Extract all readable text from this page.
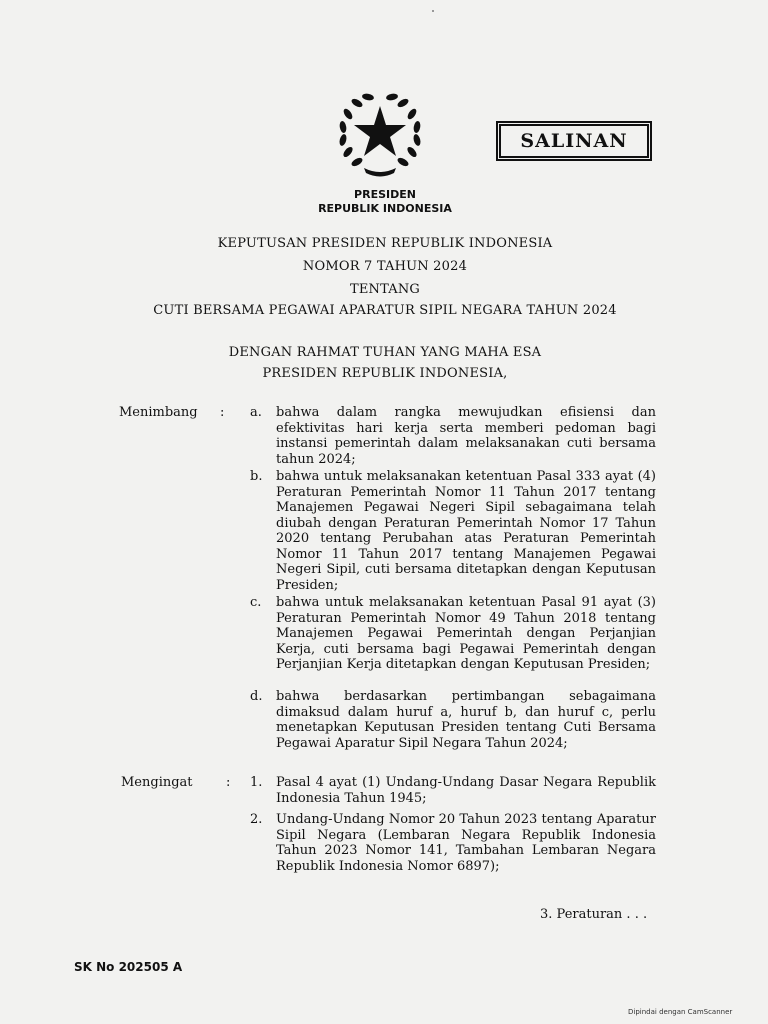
SALINAN
PRESIDEN
REPUBLIK INDONESIA
KEPUTUSAN PRESIDEN REPUBLIK INDONESIA
NOMOR 7 TAHUN 2024
TENTANG
CUTI BERSAMA PEGAWAI APARATUR SIPIL NEGARA TAHUN 2024
DENGAN RAHMAT TUHAN YANG MAHA ESA
PRESIDEN REPUBLIK INDONESIA,
Menimbang : a. bahwa dalam rangka mewujudkan efisiensi dan efektivitas hari kerja serta memberi pedoman bagi instansi pemerintah dalam melaksanakan cuti bersama tahun 2024;
b. bahwa untuk melaksanakan ketentuan Pasal 333 ayat (4) Peraturan Pemerintah Nomor 11 Tahun 2017 tentang Manajemen Pegawai Negeri Sipil sebagaimana telah diubah dengan Peraturan Pemerintah Nomor 17 Tahun 2020 tentang Perubahan atas Peraturan Pemerintah Nomor 11 Tahun 2017 tentang Manajemen Pegawai Negeri Sipil, cuti bersama ditetapkan dengan Keputusan Presiden;
c. bahwa untuk melaksanakan ketentuan Pasal 91 ayat (3) Peraturan Pemerintah Nomor 49 Tahun 2018 tentang Manajemen Pegawai Pemerintah dengan Perjanjian Kerja, cuti bersama bagi Pegawai Pemerintah dengan Perjanjian Kerja ditetapkan dengan Keputusan Presiden;
d. bahwa berdasarkan pertimbangan sebagaimana dimaksud dalam huruf a, huruf b, dan huruf c, perlu menetapkan Keputusan Presiden tentang Cuti Bersama Pegawai Aparatur Sipil Negara Tahun 2024;
Mengingat	: 1. Pasal 4 ayat (1) Undang-Undang Dasar Negara Republik Indonesia Tahun 1945;
2. Undang-Undang Nomor 20 Tahun 2023 tentang Aparatur Sipil Negara (Lembaran Negara Republik Indonesia Tahun 2023 Nomor 141, Tambahan Lembaran Negara Republik Indonesia Nomor 6897);
3. Peraturan . . .
SK No 202505 A
Dipindai dengan CamScanner
